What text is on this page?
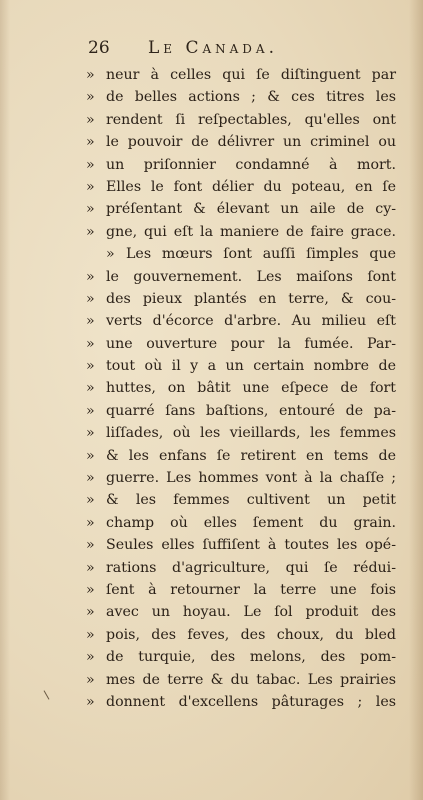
26 Le Canada.
» neur à celles qui ſe diſtinguent par
» de belles actions ; & ces titres les
» rendent ſi reſpectables, qu'elles ont
» le pouvoir de délivrer un criminel ou
» un priſonnier condamné à mort.
» Elles le font délier du poteau, en ſe
» préſentant & élevant un aile de cy-
» gne, qui eſt la maniere de faire grace.
» Les mœurs ſont auſſi ſimples que
» le gouvernement. Les maiſons ſont
» des pieux plantés en terre, & cou-
» verts d'écorce d'arbre. Au milieu eſt
» une ouverture pour la fumée. Par-
» tout où il y a un certain nombre de
» huttes, on bâtit une eſpece de fort
» quarré ſans baſtions, entouré de pa-
» liſſades, où les vieillards, les femmes
» & les enfans ſe retirent en tems de
» guerre. Les hommes vont à la chaſſe ;
» & les femmes cultivent un petit
» champ où elles ſement du grain.
» Seules elles ſuffiſent à toutes les opé-
» rations d'agriculture, qui ſe rédui-
» ſent à retourner la terre une fois
» avec un hoyau. Le ſol produit des
» pois, des feves, des choux, du bled
» de turquie, des melons, des pom-
» mes de terre & du tabac. Les prairies
» donnent d'excellens pâturages ; les
